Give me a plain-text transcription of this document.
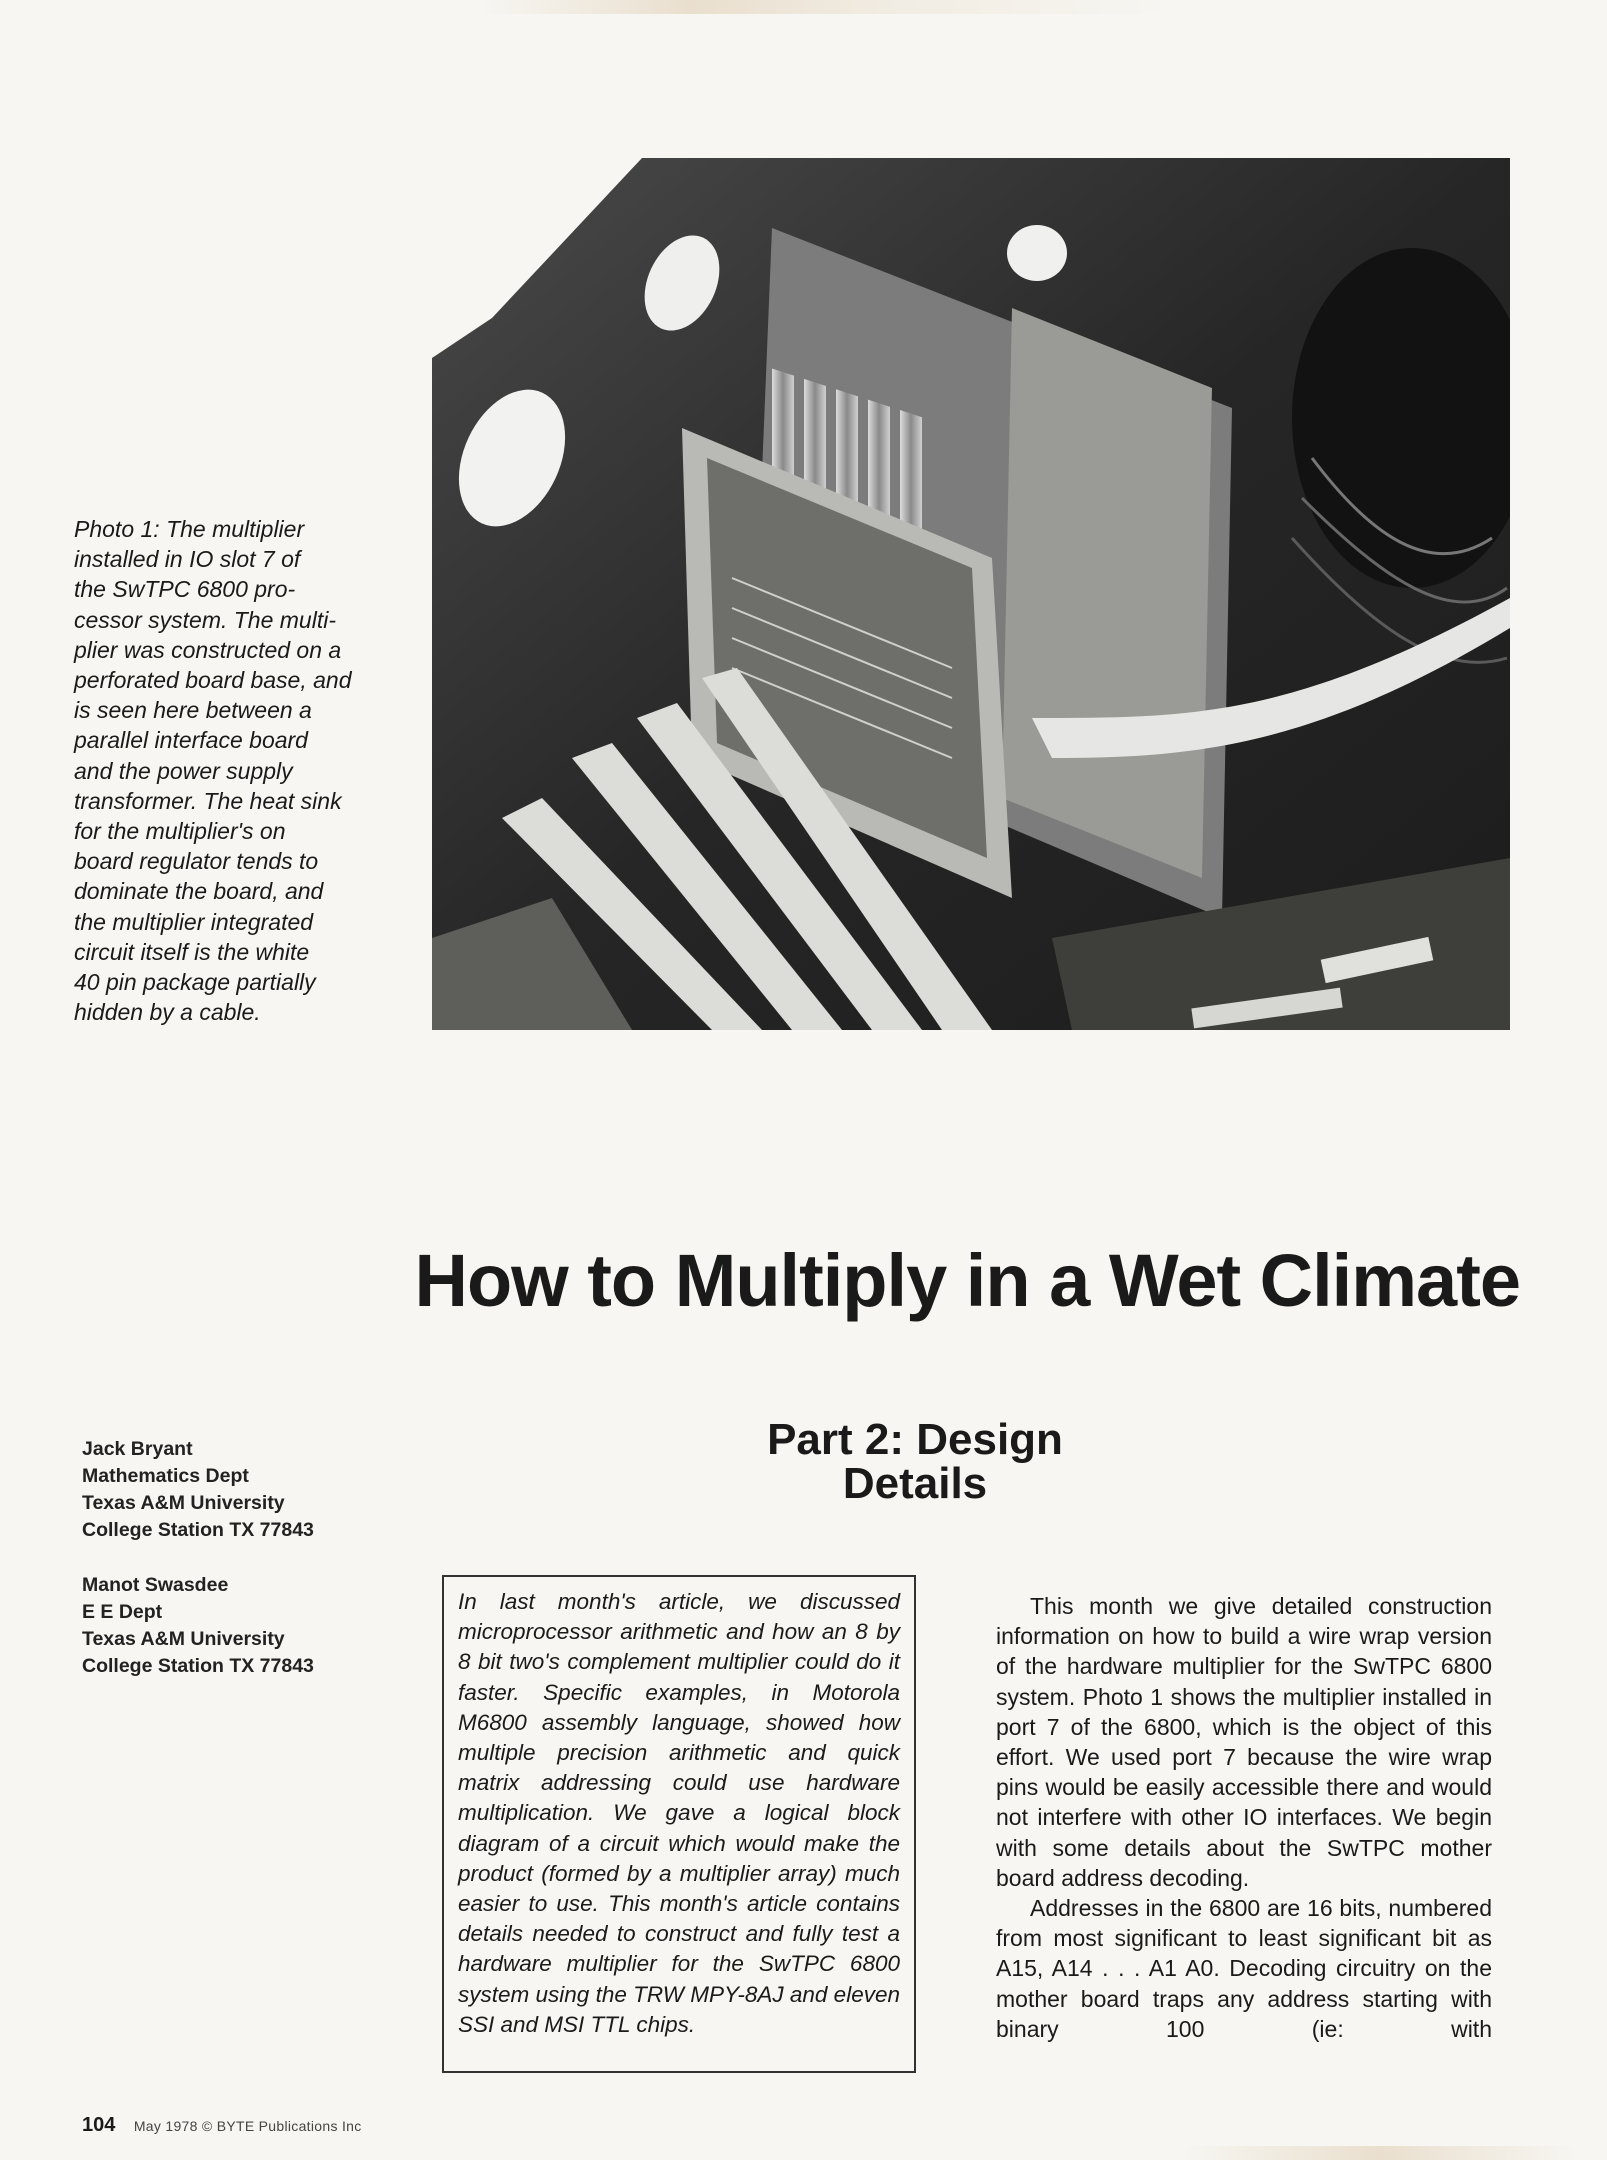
Photo 1: The multiplier
installed in IO slot 7 of
the SwTPC 6800 pro-
cessor system. The multi-
plier was constructed on a
perforated board base, and
is seen here between a
parallel interface board
and the power supply
transformer. The heat sink
for the multiplier's on
board regulator tends to
dominate the board, and
the multiplier integrated
circuit itself is the white
40 pin package partially
hidden by a cable.
How to Multiply in a Wet Climate
Part 2: Design Details
Jack Bryant
Mathematics Dept
Texas A&M University
College Station TX 77843
Manot Swasdee
E E Dept
Texas A&M University
College Station TX 77843
In last month's article, we discussed microprocessor arithmetic and how an 8 by 8 bit two's complement multiplier could do it faster. Specific examples, in Motorola M6800 assembly language, showed how multiple precision arithmetic and quick matrix addressing could use hardware multiplication. We gave a logical block diagram of a circuit which would make the product (formed by a multiplier array) much easier to use. This month's article contains details needed to construct and fully test a hardware multiplier for the SwTPC 6800 system using the TRW MPY-8AJ and eleven SSI and MSI TTL chips.

This month we give detailed construction information on how to build a wire wrap version of the hardware multiplier for the SwTPC 6800 system. Photo 1 shows the multiplier installed in port 7 of the 6800, which is the object of this effort. We used port 7 because the wire wrap pins would be easily accessible there and would not interfere with other IO interfaces. We begin with some details about the SwTPC mother board address decoding.

Addresses in the 6800 are 16 bits, numbered from most significant to least significant bit as A15, A14 . . . A1 A0. Decoding circuitry on the mother board traps any address starting with binary 100 (ie: with

104 May 1978 © BYTE Publications Inc
